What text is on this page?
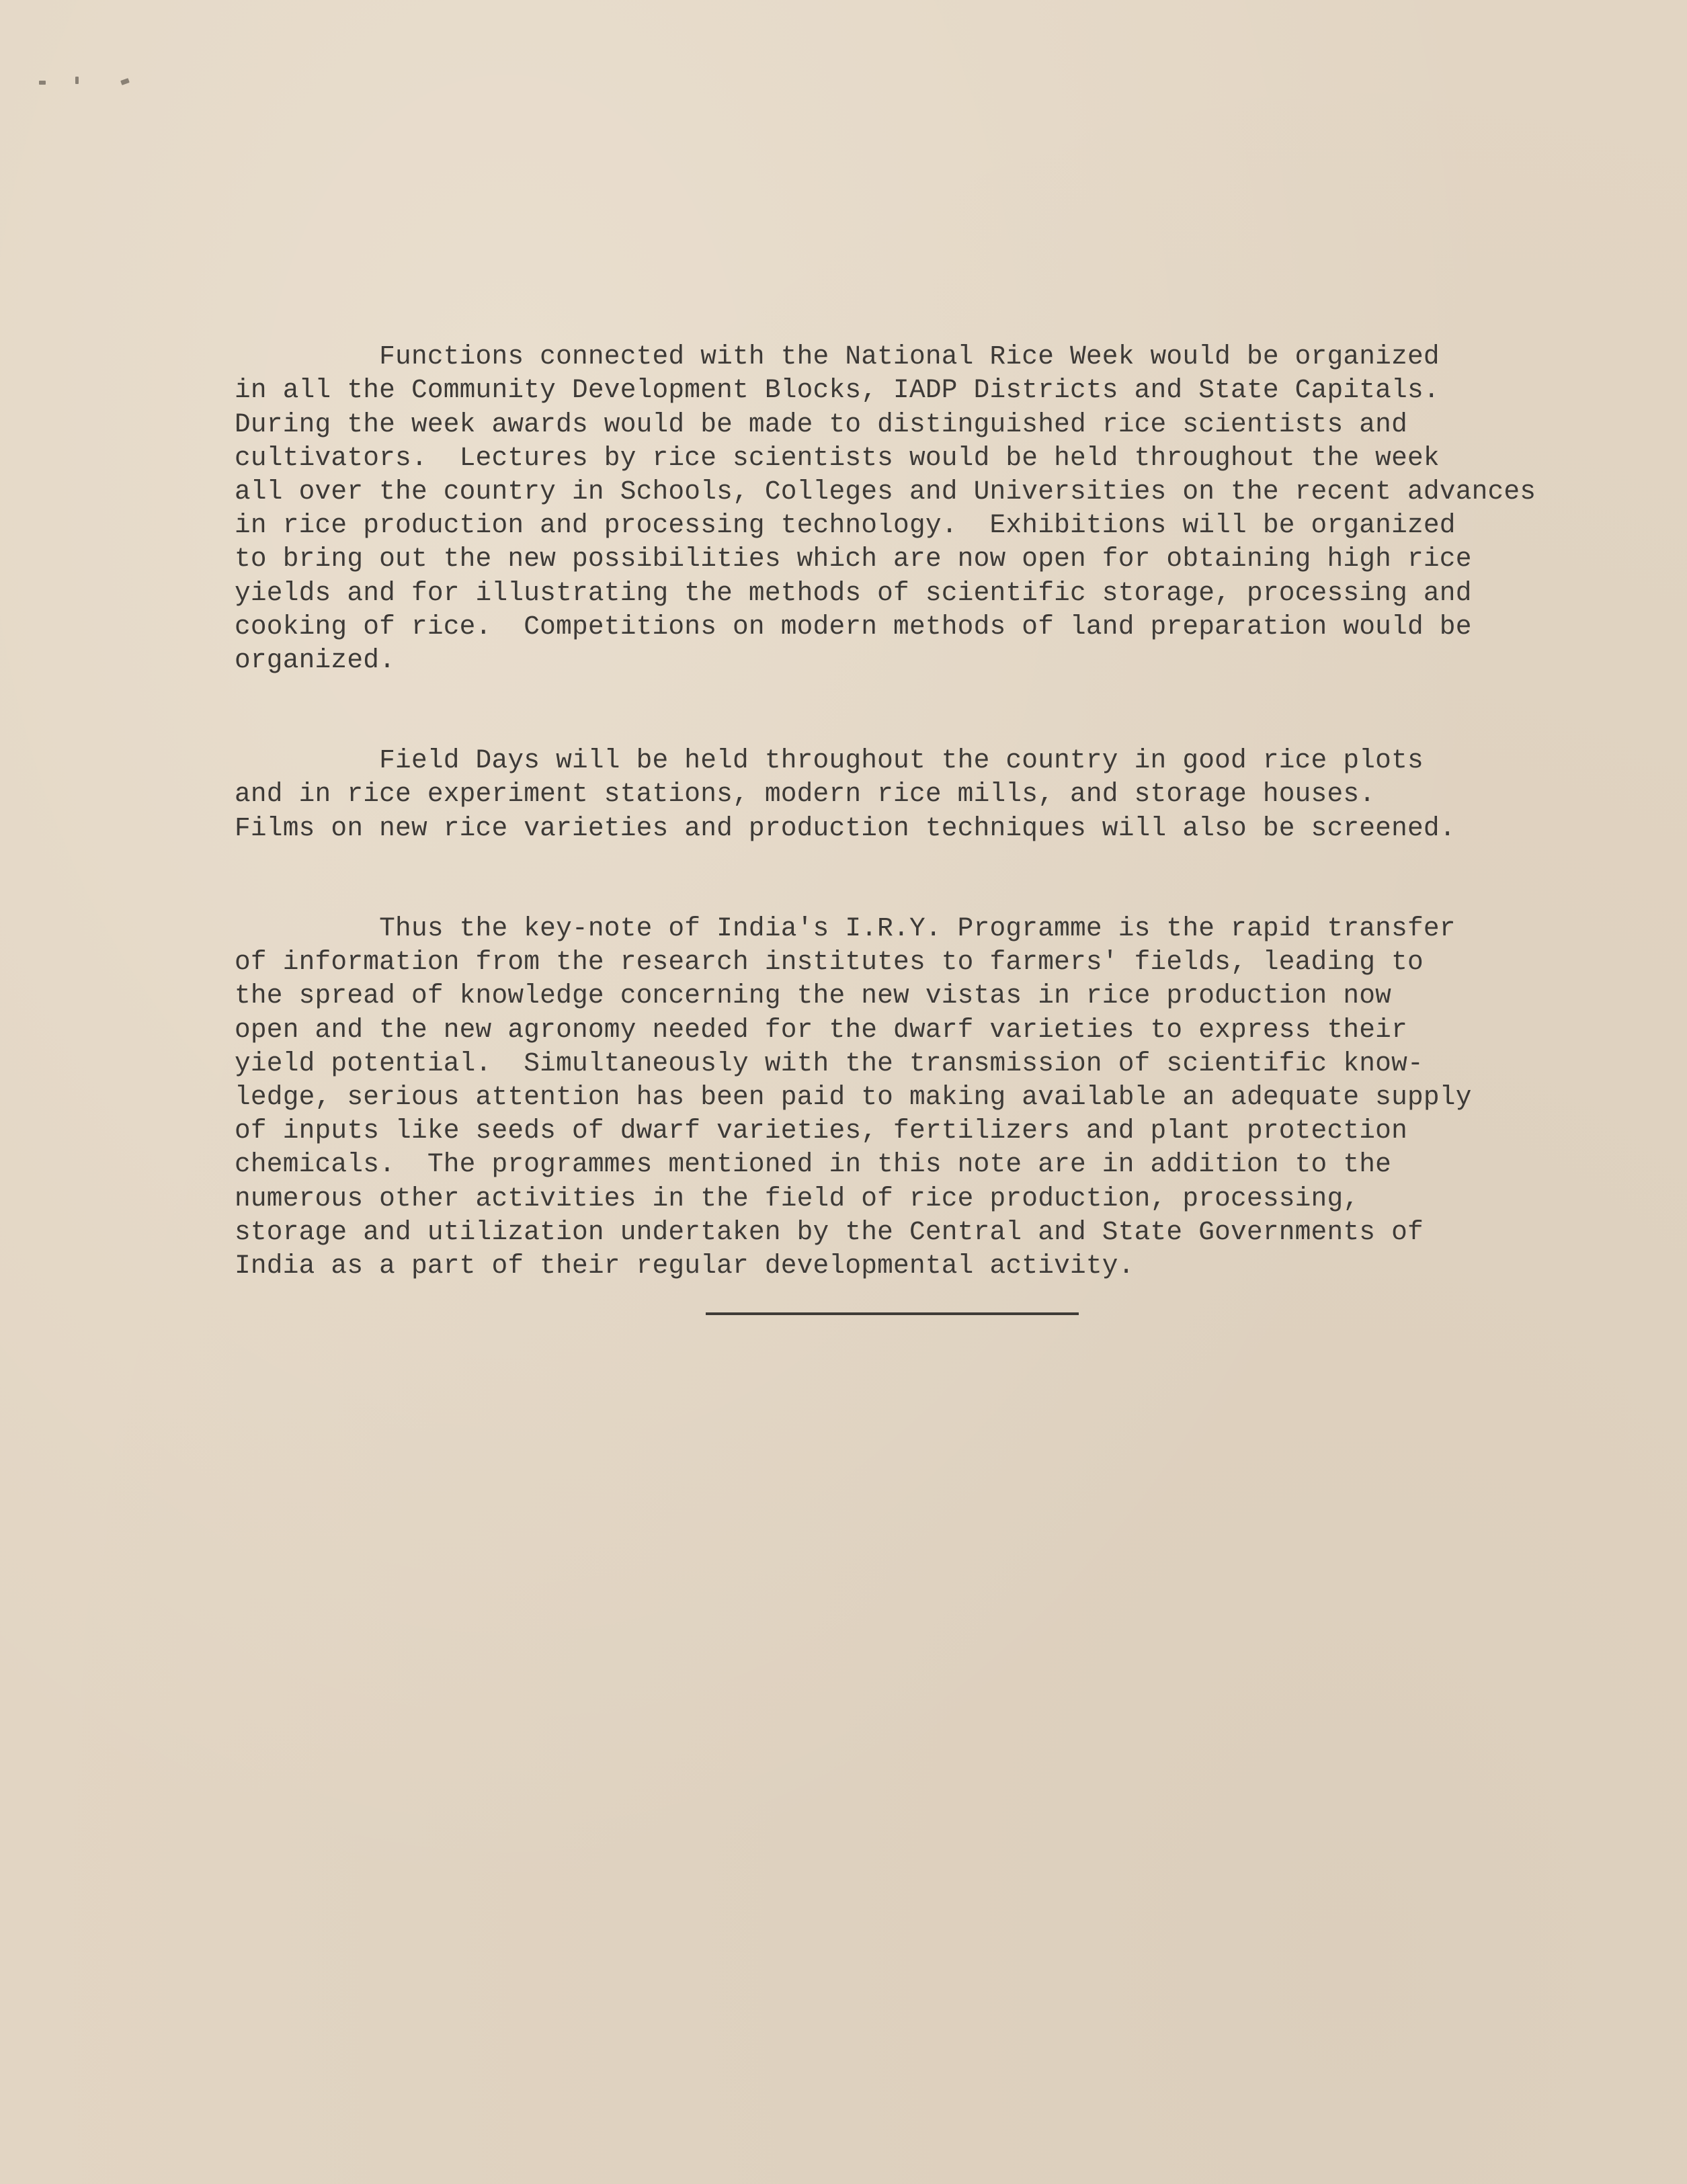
Functions connected with the National Rice Week would be organized
in all the Community Development Blocks, IADP Districts and State Capitals.
During the week awards would be made to distinguished rice scientists and
cultivators.  Lectures by rice scientists would be held throughout the week
all over the country in Schools, Colleges and Universities on the recent advances
in rice production and processing technology.  Exhibitions will be organized
to bring out the new possibilities which are now open for obtaining high rice
yields and for illustrating the methods of scientific storage, processing and
cooking of rice.  Competitions on modern methods of land preparation would be
organized.

Field Days will be held throughout the country in good rice plots
and in rice experiment stations, modern rice mills, and storage houses.
Films on new rice varieties and production techniques will also be screened.

Thus the key-note of India's I.R.Y. Programme is the rapid transfer
of information from the research institutes to farmers' fields, leading to
the spread of knowledge concerning the new vistas in rice production now
open and the new agronomy needed for the dwarf varieties to express their
yield potential.  Simultaneously with the transmission of scientific know-
ledge, serious attention has been paid to making available an adequate supply
of inputs like seeds of dwarf varieties, fertilizers and plant protection
chemicals.  The programmes mentioned in this note are in addition to the
numerous other activities in the field of rice production, processing,
storage and utilization undertaken by the Central and State Governments of
India as a part of their regular developmental activity.
